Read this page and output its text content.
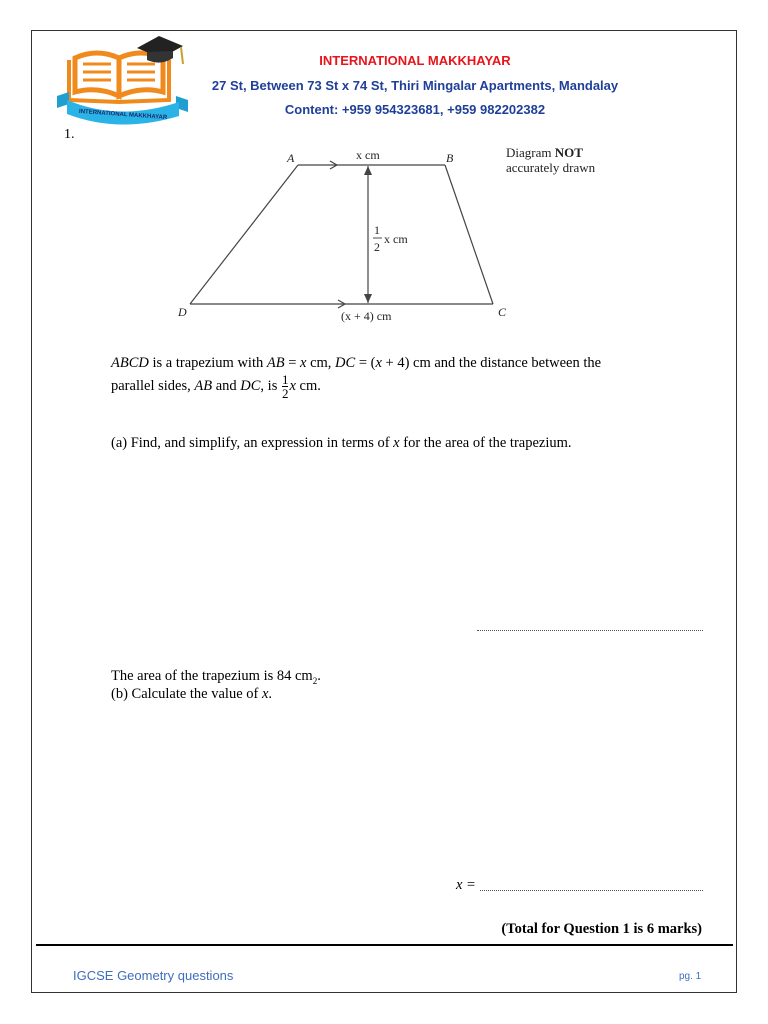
INTERNATIONAL MAKKHAYAR
INTERNATIONAL MAKKHAYAR
27 St, Between 73 St x 74 St, Thiri Mingalar Apartments, Mandalay
Content: +959 954323681, +959 982202382
1.
A	B
C
D
x cm
1
2
x cm
(x + 4) cm
Diagram NOT
accurately drawn
ABCD is a trapezium with AB = x cm, DC = (x + 4) cm and the distance between the
parallel sides, AB and DC, is $\frac{1}{2}$ x cm.
(a) Find, and simplify, an expression in terms of x for the area of the trapezium.
The area of the trapezium is 84 $cm_2$.
(b) Calculate the value of x.
x =
(Total for Question 1 is 6 marks)
IGCSE Geometry questions	pg. 1
